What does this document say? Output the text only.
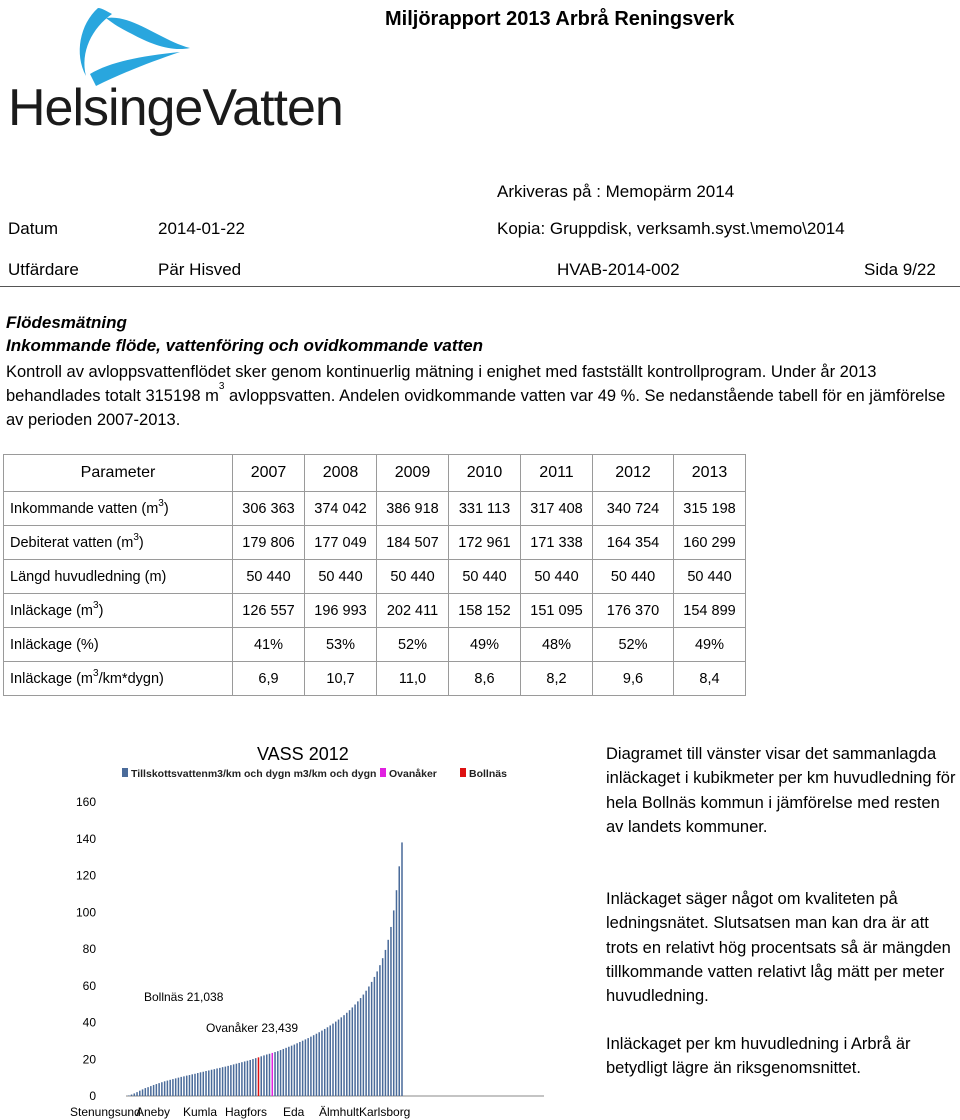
HelsingeVatten
Miljörapport 2013 Arbrå Reningsverk
Arkiveras på : Memopärm 2014
Datum	2014-01-22	Kopia: Gruppdisk, verksamh.syst.\memo\2014
Utfärdare	Pär Hisved	HVAB-2014-002	Sida 9/22
Flödesmätning
Inkommande flöde, vattenföring och ovidkommande vatten
Kontroll av avloppsvattenflödet sker genom kontinuerlig mätning i enighet med fastställt kontrollprogram. Under år 2013 behandlades totalt 315198 $m^3$ avloppsvatten. Andelen ovidkommande vatten var 49 %. Se nedanstående tabell för en jämförelse av perioden 2007-2013.
Parameter	2007	2008	2009	2010	2011	2012	2013
Inkommande vatten $(m^3)$	306 363	374 042	386 918	331 113	317 408	340 724	315 198
Debiterat vatten $(m^3)$	179 806	177 049	184 507	172 961	171 338	164 354	160 299
Längd huvudledning (m)	50 440	50 440	50 440	50 440	50 440	50 440	50 440
Inläckage $(m^3)$	126 557	196 993	202 411	158 152	151 095	176 370	154 899
Inläckage (%)	41%	53%	52%	49%	48%	52%	49%
Inläckage $(m^3/km*dygn)$	6,9	10,7	11,0	8,6	8,2	9,6	8,4
VASS 2012
Tillskottsvattenm3/km och dygn m3/km och dygn Ovanåker	Bollnäs
0
20
40
60
80
100
120
140
160
Bollnäs 21,038
Ovanåker 23,439
Stenungsund
Aneby Kumla Hagfors Eda Älmhult Karlsborg
Diagramet till vänster visar det sammanlagda inläckaget i kubikmeter per km huvudledning för hela Bollnäs kommun i jämförelse med resten av landets kommuner.
Inläckaget säger något om kvaliteten på ledningsnätet. Slutsatsen man kan dra är att trots en relativt hög procentsats så är mängden tillkommande vatten relativt låg mätt per meter huvudledning.
Inläckaget per km huvudledning i Arbrå är betydligt lägre än riksgenomsnittet.
